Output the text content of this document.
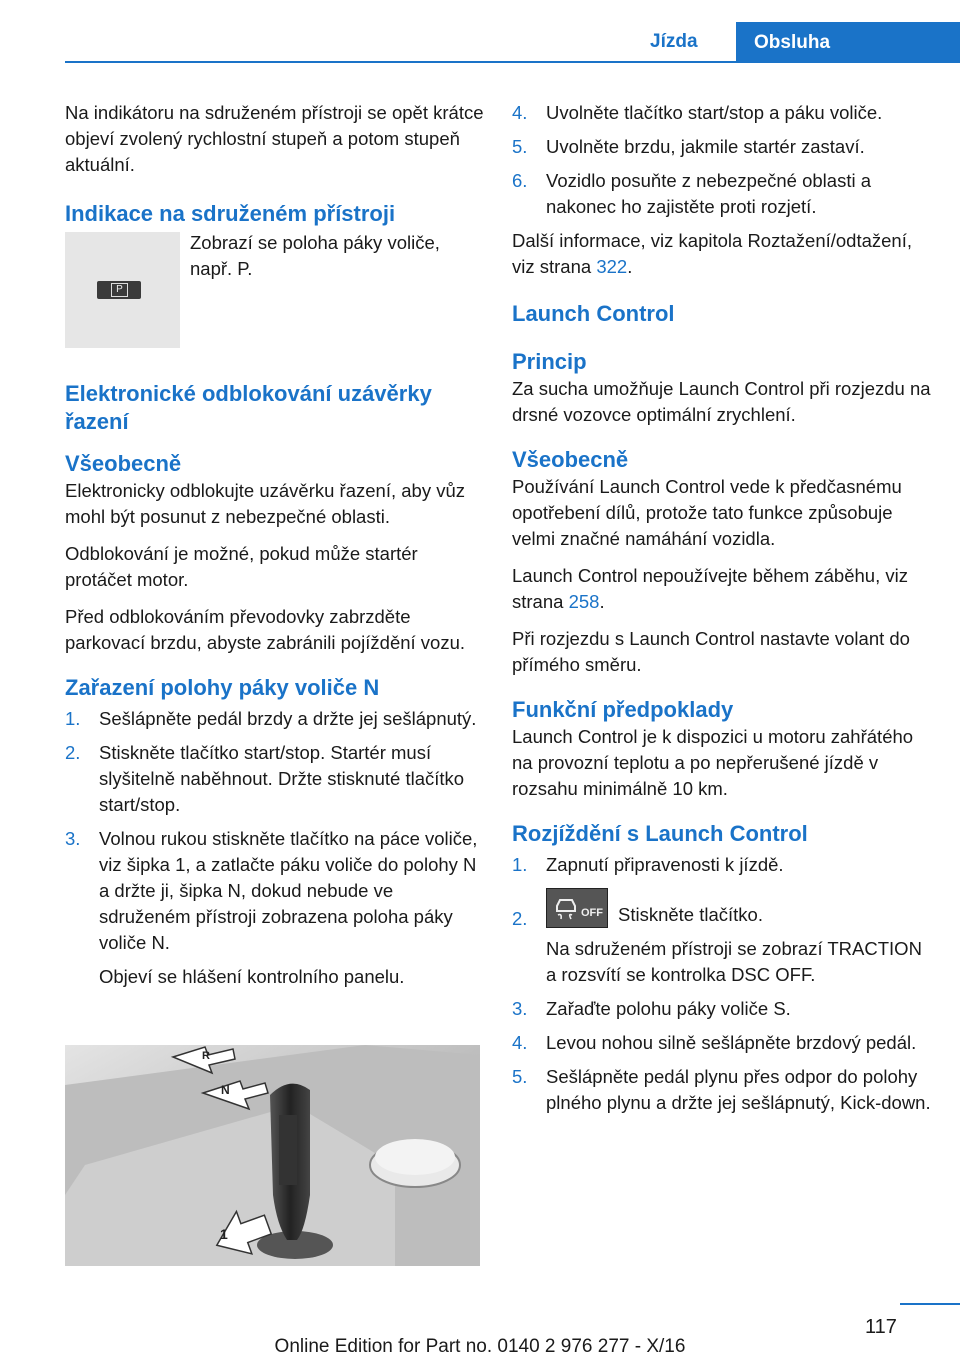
Jízda	Obsluha

Na indikátoru na sdruženém přístroji se opět krátce objeví zvolený rychlostní stupeň a potom stupeň aktuální.

Indikace na sdruženém přístroji
P
Zobrazí se poloha páky voliče, např. P.
Elektronické odblokování uzávěrky řazení
Všeobecně

Elektronicky odblokujte uzávěrku řazení, aby vůz mohl být posunut z nebezpečné oblasti.

Odblokování je možné, pokud může startér protáčet motor.

Před odblokováním převodovky zabrzděte parkovací brzdu, abyste zabránili pojíždění vozu.

Zařazení polohy páky voliče N
1. Sešlápněte pedál brzdy a držte jej sešlápnutý.
2. Stiskněte tlačítko start/stop. Startér musí slyšitelně naběhnout. Držte stisknuté tlačítko start/stop.
3. Volnou rukou stiskněte tlačítko na páce voliče, viz šipka 1, a zatlačte páku voliče do polohy N a držte ji, šipka N, dokud nebude ve sdruženém přístroji zobrazena poloha páky voliče N.
Objeví se hlášení kontrolního panelu.
R
N
1
4. Uvolněte tlačítko start/stop a páku voliče.
5. Uvolněte brzdu, jakmile startér zastaví.
6. Vozidlo posuňte z nebezpečné oblasti a nakonec ho zajistěte proti rozjetí.

Další informace, viz kapitola Roztažení/odtažení, viz strana 322.

Launch Control
Princip

Za sucha umožňuje Launch Control při rozjezdu na drsné vozovce optimální zrychlení.

Všeobecně

Používání Launch Control vede k předčasnému opotřebení dílů, protože tato funkce způsobuje velmi značné namáhání vozidla.

Launch Control nepoužívejte během záběhu, viz strana 258.

Při rozjezdu s Launch Control nastavte volant do přímého směru.

Funkční předpoklady

Launch Control je k dispozici u motoru zahřátého na provozní teplotu a po nepřerušené jízdě v rozsahu minimálně 10 km.

Rozjíždění s Launch Control
1. Zapnutí připravenosti k jízdě.
2.	OFF Stiskněte tlačítko.
Na sdruženém přístroji se zobrazí TRACTION a rozsvítí se kontrolka DSC OFF.
3. Zařaďte polohu páky voliče S.
4. Levou nohou silně sešlápněte brzdový pedál.
5. Sešlápněte pedál plynu přes odpor do polohy plného plynu a držte jej sešlápnutý, Kick-down.
117
Online Edition for Part no. 0140 2 976 277 - X/16
